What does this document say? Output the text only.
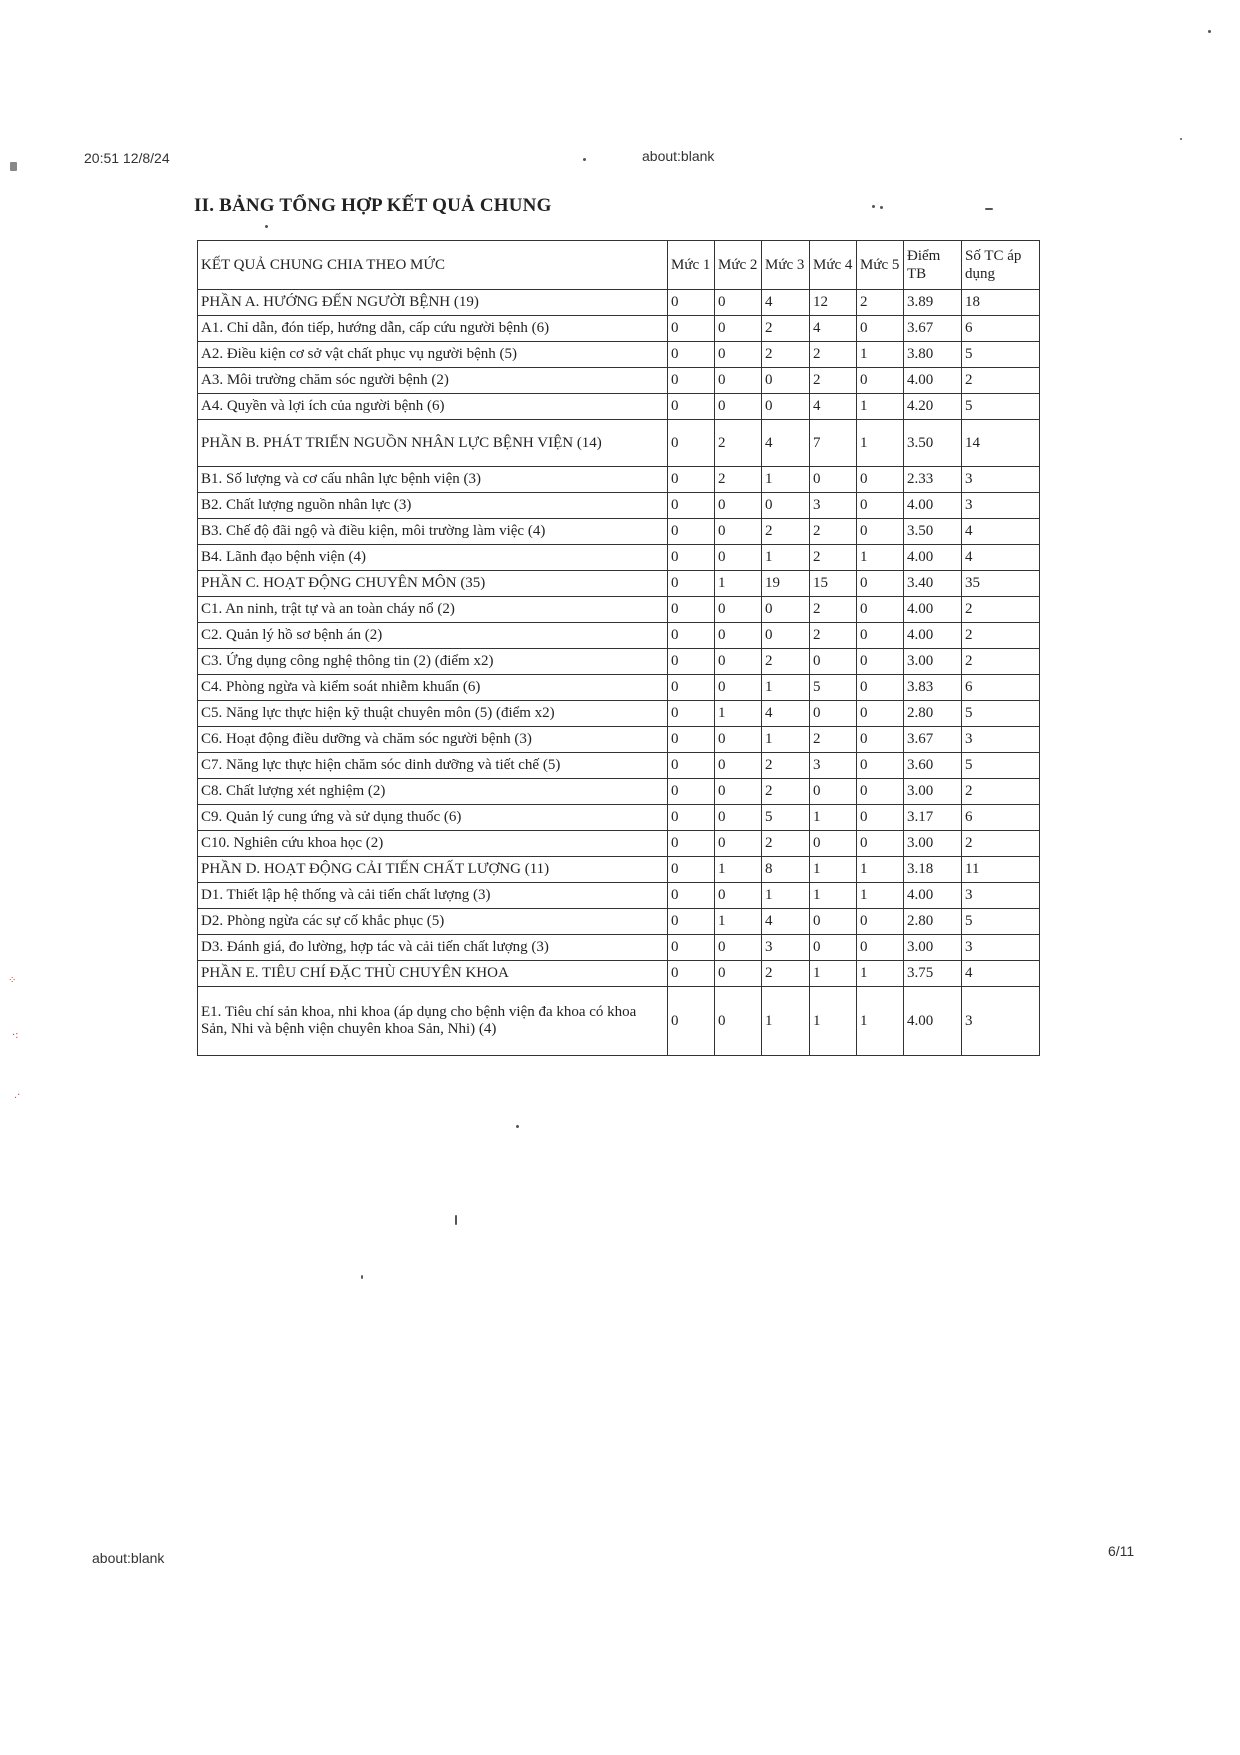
20:51 12/8/24	about:blank
II. BẢNG TỔNG HỢP KẾT QUẢ CHUNG
KẾT QUẢ CHUNG CHIA THEO MỨC	Mức 1	Mức 2	Mức 3	Mức 4	Mức 5	Điểm TB	Số TC áp dụng
PHẦN A. HƯỚNG ĐẾN NGƯỜI BỆNH (19)	0	0	4	12	2	3.89	18
A1. Chỉ dẫn, đón tiếp, hướng dẫn, cấp cứu người bệnh (6)	0	0	2	4	0	3.67	6
A2. Điều kiện cơ sở vật chất phục vụ người bệnh (5)	0	0	2	2	1	3.80	5
A3. Môi trường chăm sóc người bệnh (2)	0	0	0	2	0	4.00	2
A4. Quyền và lợi ích của người bệnh (6)	0	0	0	4	1	4.20	5
PHẦN B. PHÁT TRIỂN NGUỒN NHÂN LỰC BỆNH VIỆN (14)	0	2	4	7	1	3.50	14
B1. Số lượng và cơ cấu nhân lực bệnh viện (3)	0	2	1	0	0	2.33	3
B2. Chất lượng nguồn nhân lực (3)	0	0	0	3	0	4.00	3
B3. Chế độ đãi ngộ và điều kiện, môi trường làm việc (4)	0	0	2	2	0	3.50	4
B4. Lãnh đạo bệnh viện (4)	0	0	1	2	1	4.00	4
PHẦN C. HOẠT ĐỘNG CHUYÊN MÔN (35)	0	1	19	15	0	3.40	35
C1. An ninh, trật tự và an toàn cháy nổ (2)	0	0	0	2	0	4.00	2
C2. Quản lý hồ sơ bệnh án (2)	0	0	0	2	0	4.00	2
C3. Ứng dụng công nghệ thông tin (2) (điểm x2)	0	0	2	0	0	3.00	2
C4. Phòng ngừa và kiểm soát nhiễm khuẩn (6)	0	0	1	5	0	3.83	6
C5. Năng lực thực hiện kỹ thuật chuyên môn (5) (điểm x2)	0	1	4	0	0	2.80	5
C6. Hoạt động điều dưỡng và chăm sóc người bệnh (3)	0	0	1	2	0	3.67	3
C7. Năng lực thực hiện chăm sóc dinh dưỡng và tiết chế (5)	0	0	2	3	0	3.60	5
C8. Chất lượng xét nghiệm (2)	0	0	2	0	0	3.00	2
C9. Quản lý cung ứng và sử dụng thuốc (6)	0	0	5	1	0	3.17	6
C10. Nghiên cứu khoa học (2)	0	0	2	0	0	3.00	2
PHẦN D. HOẠT ĐỘNG CẢI TIẾN CHẤT LƯỢNG (11)	0	1	8	1	1	3.18	11
D1. Thiết lập hệ thống và cải tiến chất lượng (3)	0	0	1	1	1	4.00	3
D2. Phòng ngừa các sự cố khắc phục (5)	0	1	4	0	0	2.80	5
D3. Đánh giá, đo lường, hợp tác và cải tiến chất lượng (3)	0	0	3	0	0	3.00	3
PHẦN E. TIÊU CHÍ ĐẶC THÙ CHUYÊN KHOA	0	0	2	1	1	3.75	4
E1. Tiêu chí sản khoa, nhi khoa (áp dụng cho bệnh viện đa khoa có khoa Sản, Nhi và bệnh viện chuyên khoa Sản, Nhi) (4)	0	0	1	1	1	4.00	3
⁘
·:
.·
about:blank	6/11
